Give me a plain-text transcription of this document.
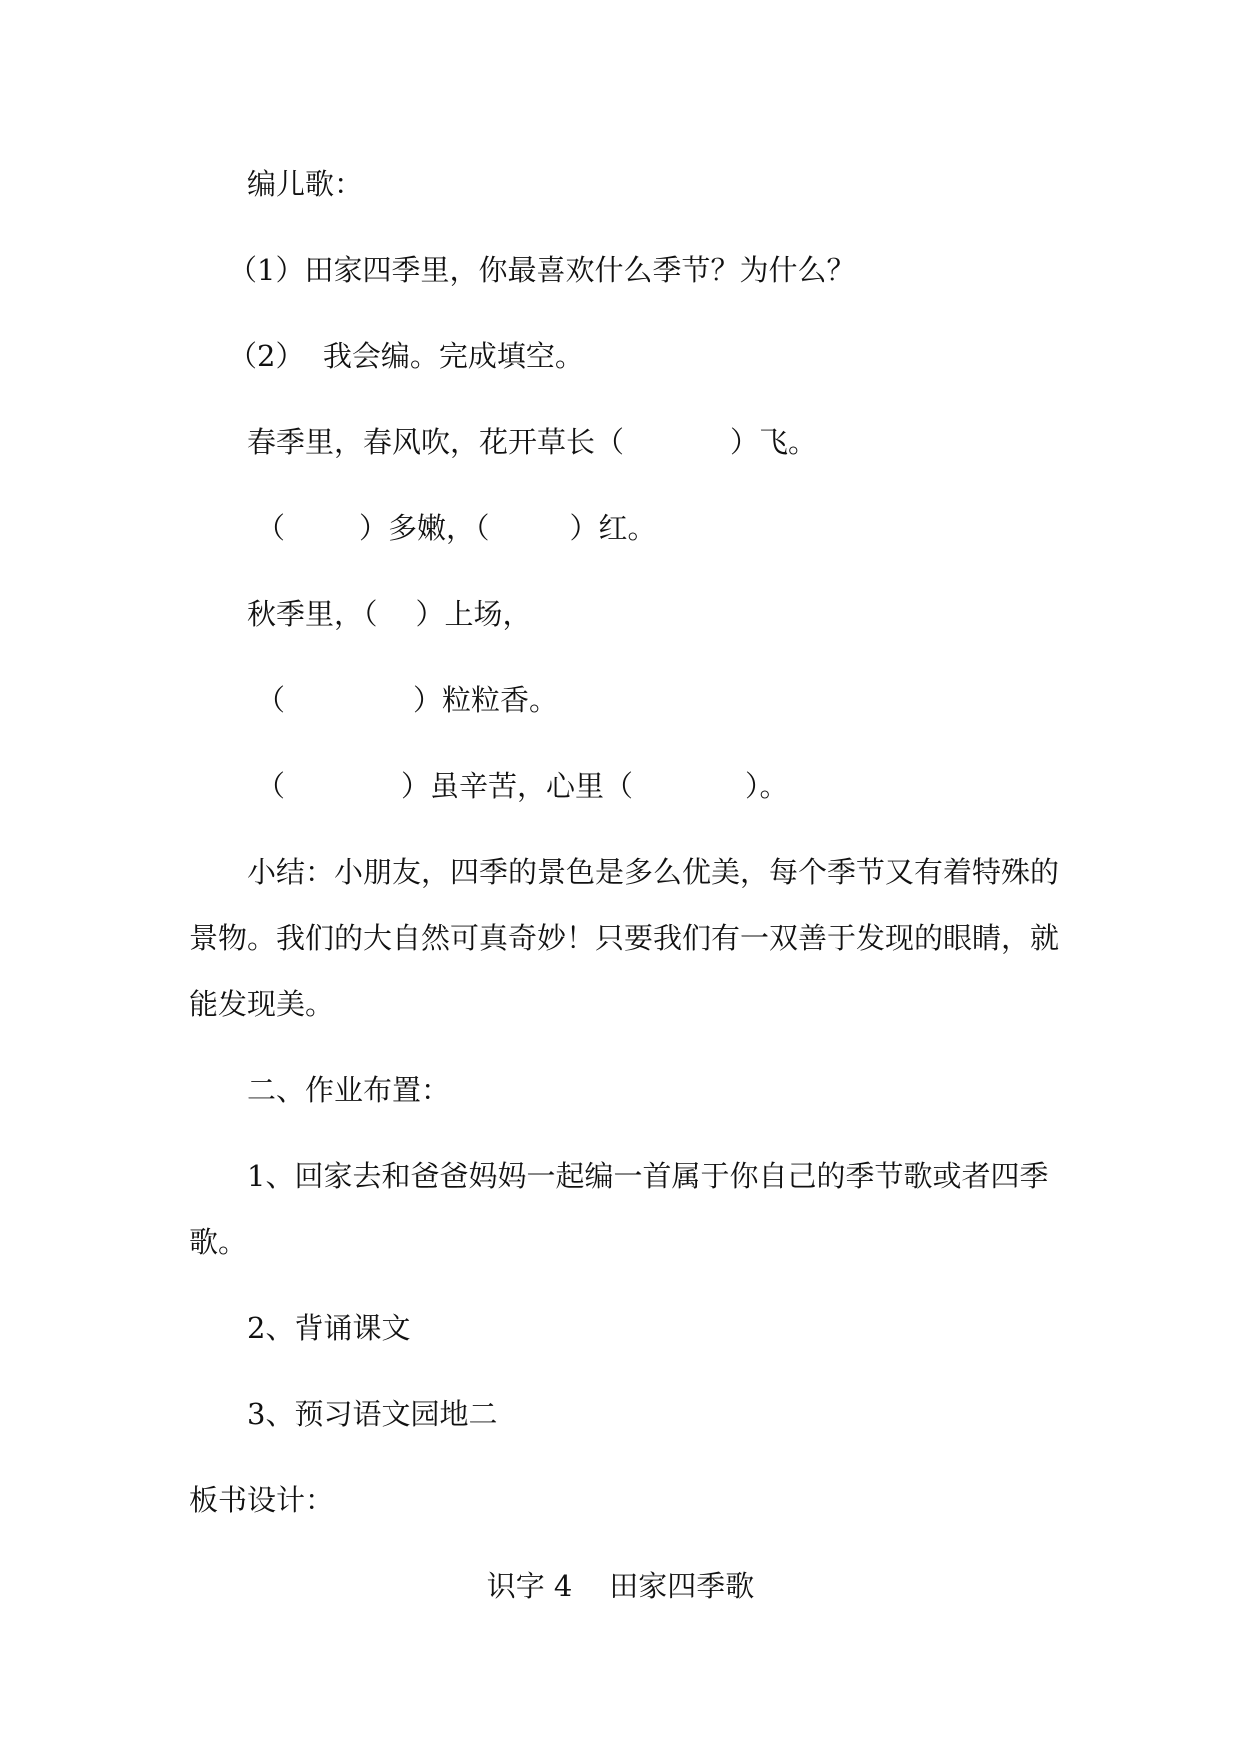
编儿歌：
（1）田家四季里，你最喜欢什么季节？为什么？
（2）  我会编。完成填空。
春季里，春风吹，花开草长（	）飞。
（	）多嫩，（	）红。
秋季里，（ ）上场，
（	）粒粒香。
（	）虽辛苦，心里（	）。
小结：小朋友，四季的景色是多么优美，每个季节又有着特殊的
景物。我们的大自然可真奇妙！只要我们有一双善于发现的眼睛，就
能发现美。
二、作业布置：
1、回家去和爸爸妈妈一起编一首属于你自己的季节歌或者四季
歌。
2、背诵课文
3、预习语文园地二
板书设计：
识字 4    田家四季歌
